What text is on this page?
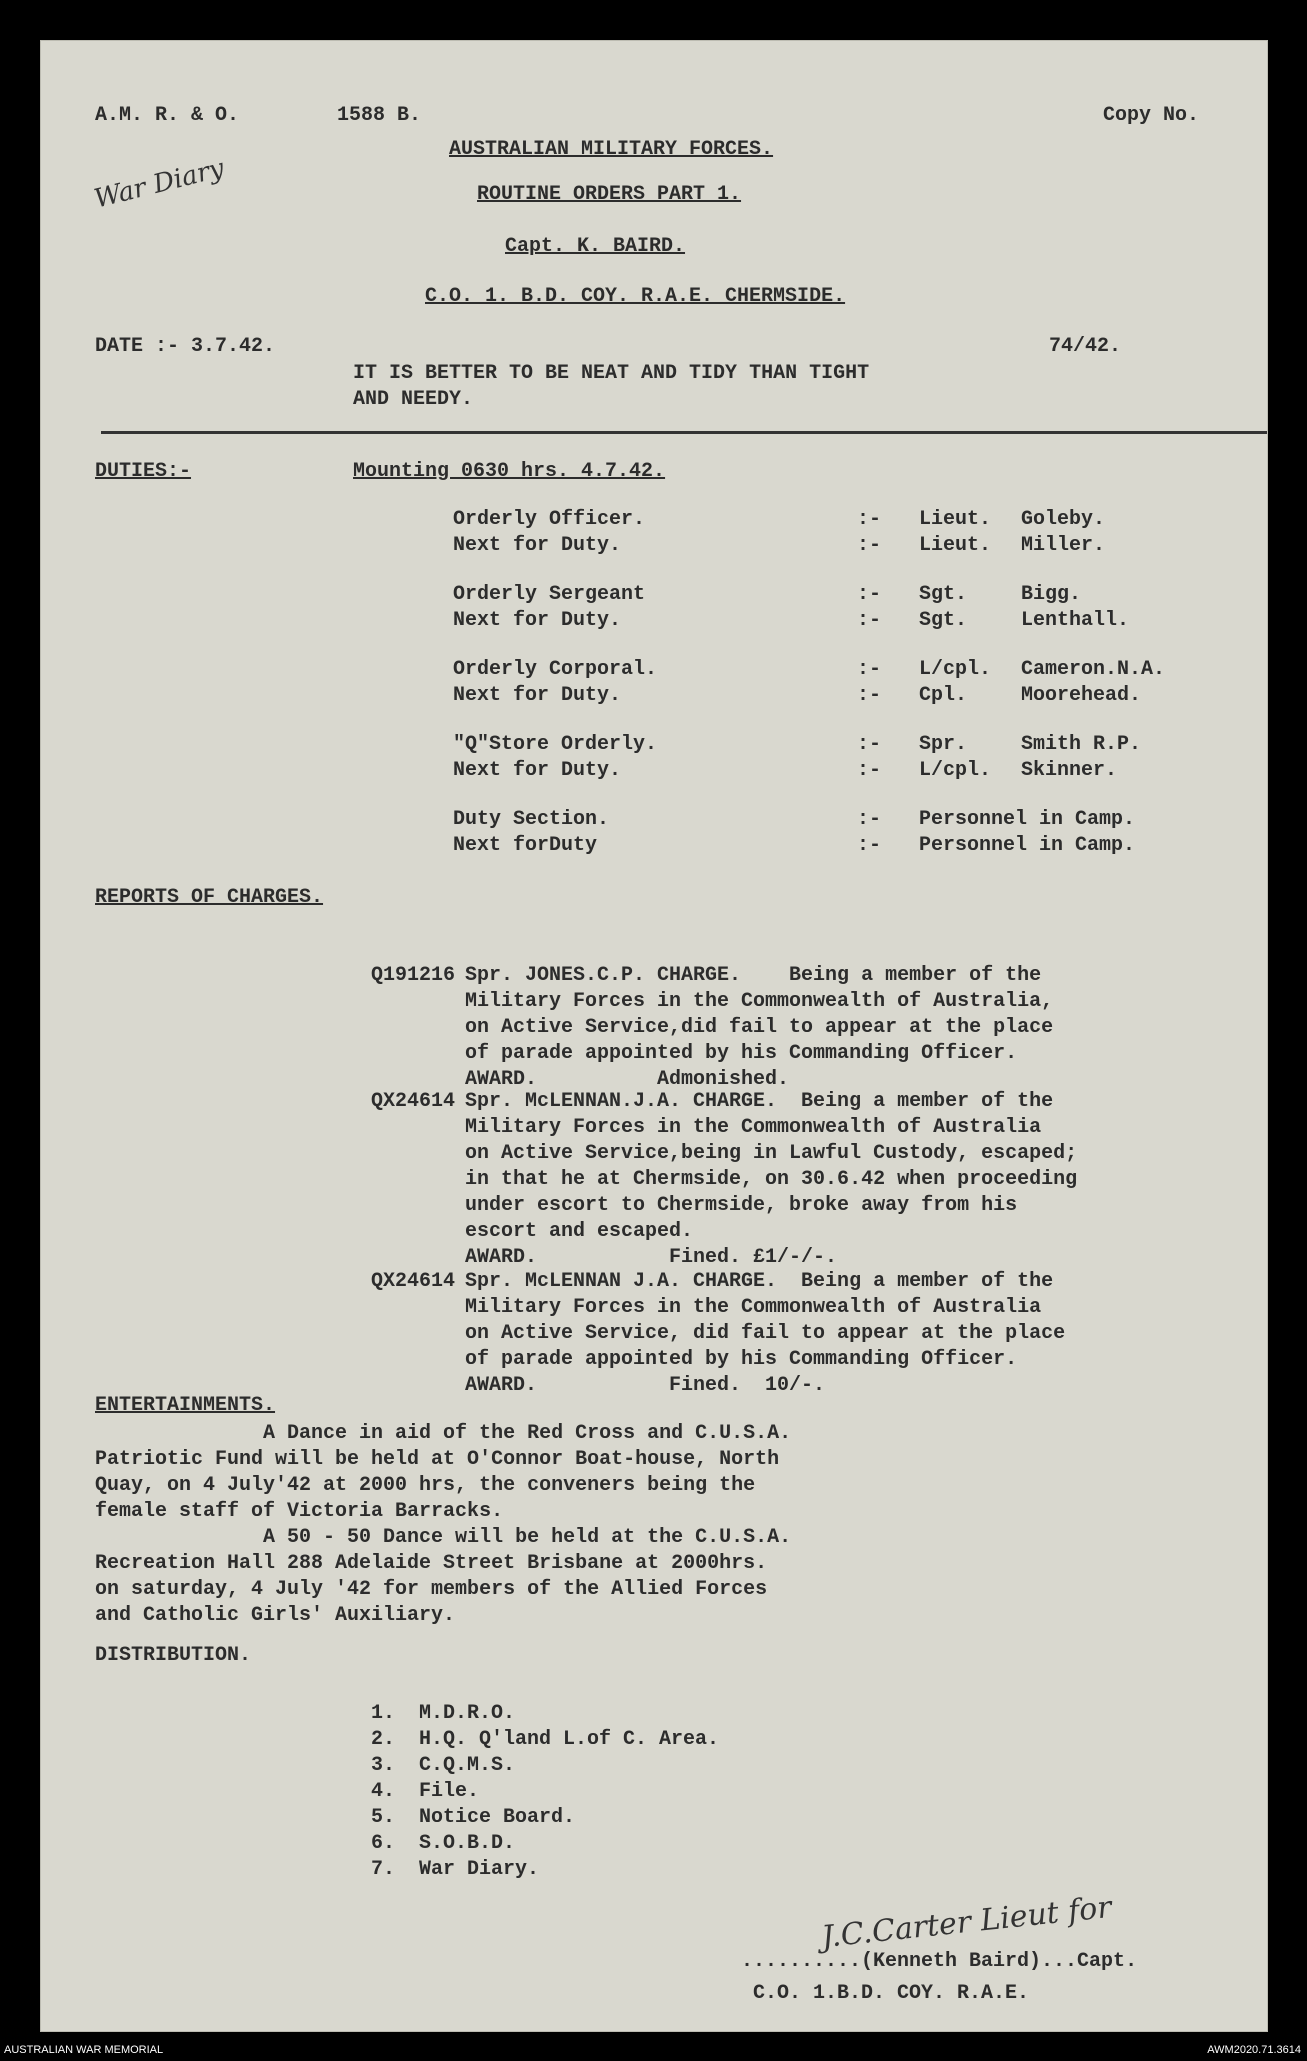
A.M. R. & O.	1588 B.	Copy No.
War Diary
AUSTRALIAN MILITARY FORCES.
ROUTINE ORDERS PART 1.
Capt. K. BAIRD.
C.O. 1. B.D. COY. R.A.E. CHERMSIDE.
DATE :- 3.7.42.	74/42.
IT IS BETTER TO BE NEAT AND TIDY THAN TIGHT
AND NEEDY.
DUTIES:-	Mounting 0630 hrs. 4.7.42.
Orderly Officer.	:- Lieut. Goleby.
Next for Duty.	:- Lieut. Miller.
Orderly Sergeant	:- Sgt.	Bigg.
Next for Duty.	:- Sgt.	Lenthall.
Orderly Corporal.	:- L/cpl. Cameron.N.A.
Next for Duty.	:- Cpl.	Moorehead.
"Q"Store Orderly.	:- Spr.	Smith R.P.
Next for Duty.	:- L/cpl. Skinner.
Duty Section.	:- Personnel in Camp.
Next forDuty	:- Personnel in Camp.
REPORTS OF CHARGES.
Q191216 Spr. JONES.C.P. CHARGE.    Being a member of the
Military Forces in the Commonwealth of Australia,
on Active Service,did fail to appear at the place
of parade appointed by his Commanding Officer.
AWARD.          Admonished.
QX24614 Spr. McLENNAN.J.A. CHARGE.  Being a member of the
Military Forces in the Commonwealth of Australia
on Active Service,being in Lawful Custody, escaped;
in that he at Chermside, on 30.6.42 when proceeding
under escort to Chermside, broke away from his
escort and escaped.
AWARD.           Fined. £1/-/-.
QX24614 Spr. McLENNAN J.A. CHARGE.  Being a member of the
Military Forces in the Commonwealth of Australia
on Active Service, did fail to appear at the place
of parade appointed by his Commanding Officer.
AWARD.           Fined.  10/-.
ENTERTAINMENTS.
A Dance in aid of the Red Cross and C.U.S.A.
Patriotic Fund will be held at O'Connor Boat-house, North
Quay, on 4 July'42 at 2000 hrs, the conveners being the
female staff of Victoria Barracks.
A 50 - 50 Dance will be held at the C.U.S.A.
Recreation Hall 288 Adelaide Street Brisbane at 2000hrs.
on saturday, 4 July '42 for members of the Allied Forces
and Catholic Girls' Auxiliary.
DISTRIBUTION.
1.  M.D.R.O.
2.  H.Q. Q'land L.of C. Area.
3.  C.Q.M.S.
4.  File.
5.  Notice Board.
6.  S.O.B.D.
7.  War Diary.
J.C.Carter Lieut for
..........(Kenneth Baird)...Capt.
C.O. 1.B.D. COY. R.A.E.
AUSTRALIAN WAR MEMORIAL	AWM2020.71.3614
